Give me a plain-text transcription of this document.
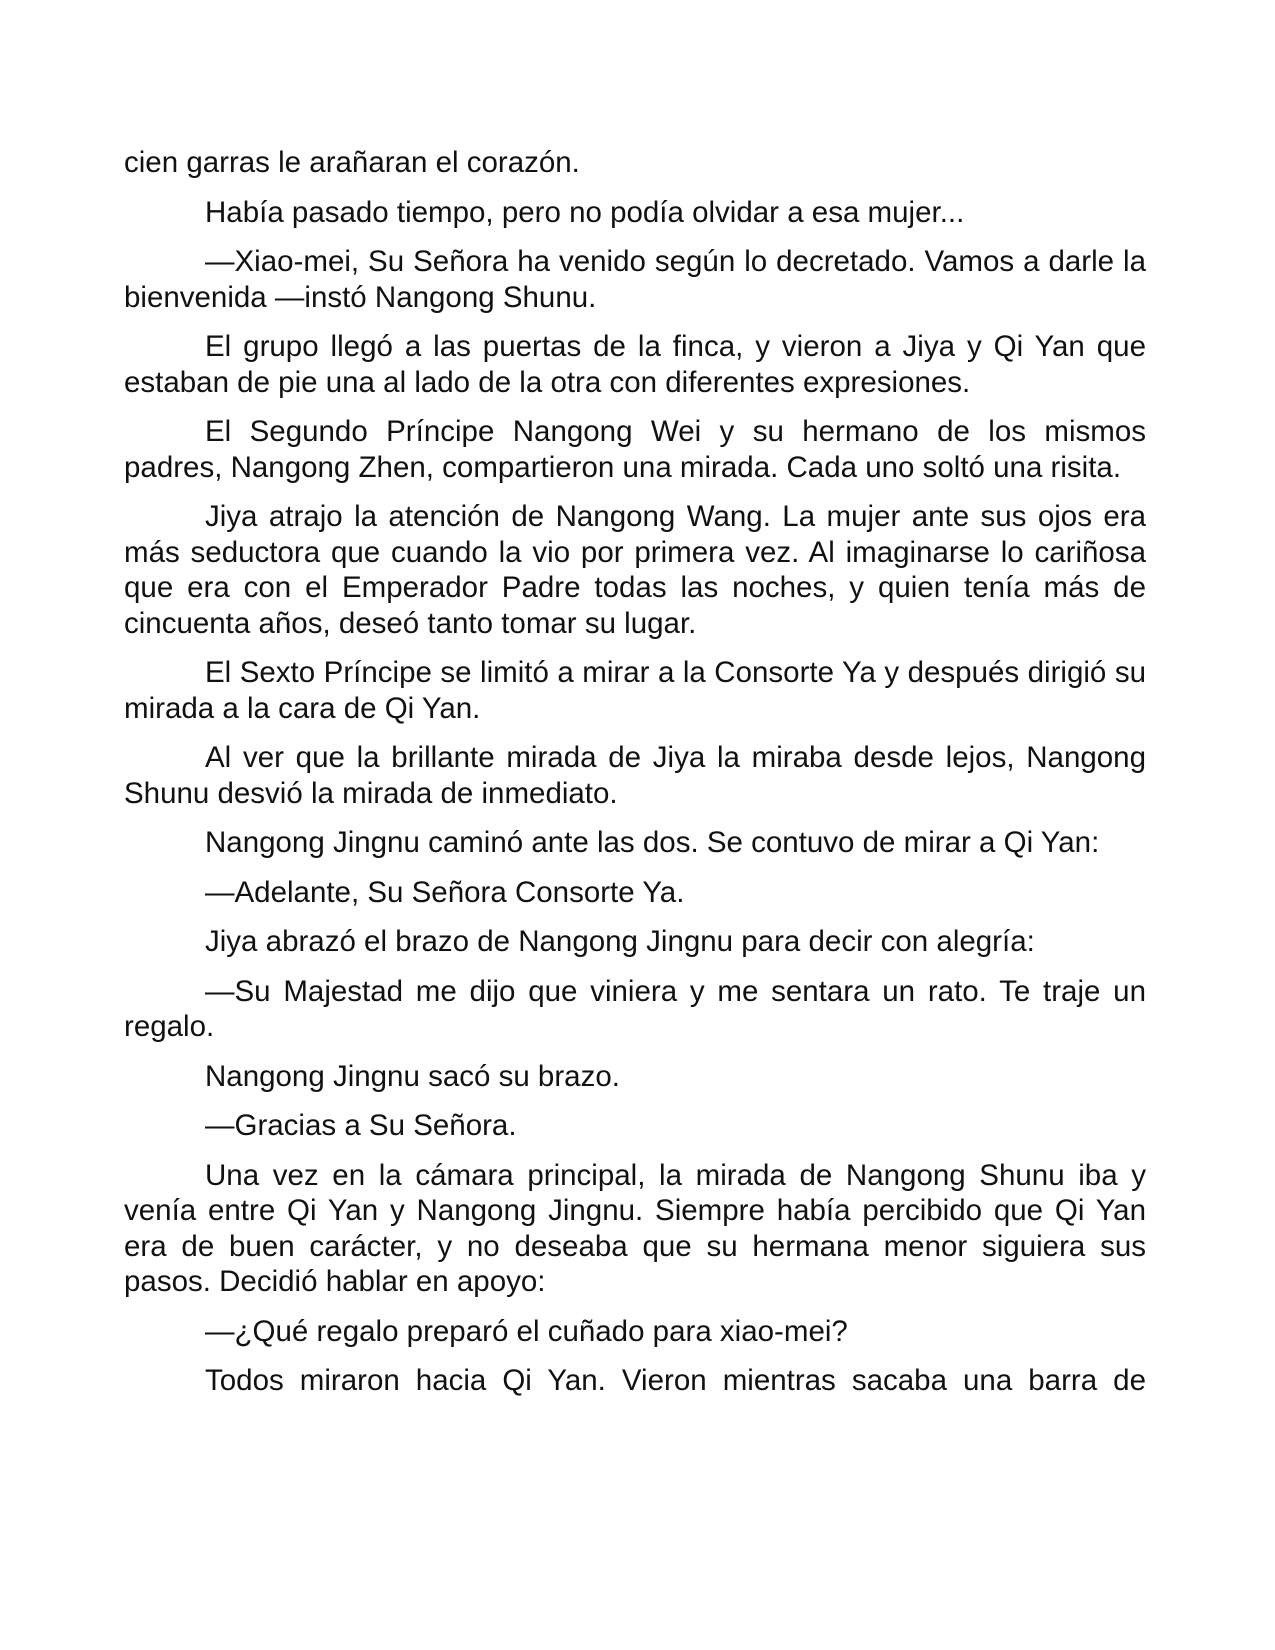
cien garras le arañaran el corazón.

Había pasado tiempo, pero no podía olvidar a esa mujer...

—Xiao-mei, Su Señora ha venido según lo decretado. Vamos a darle la bienvenida —instó Nangong Shunu.

El grupo llegó a las puertas de la finca, y vieron a Jiya y Qi Yan que estaban de pie una al lado de la otra con diferentes expresiones.

El Segundo Príncipe Nangong Wei y su hermano de los mismos padres, Nangong Zhen, compartieron una mirada. Cada uno soltó una risita.

Jiya atrajo la atención de Nangong Wang. La mujer ante sus ojos era más seductora que cuando la vio por primera vez. Al imaginarse lo cariñosa que era con el Emperador Padre todas las noches, y quien tenía más de cincuenta años, deseó tanto tomar su lugar.

El Sexto Príncipe se limitó a mirar a la Consorte Ya y después dirigió su mirada a la cara de Qi Yan.

Al ver que la brillante mirada de Jiya la miraba desde lejos, Nangong Shunu desvió la mirada de inmediato.

Nangong Jingnu caminó ante las dos. Se contuvo de mirar a Qi Yan:

—Adelante, Su Señora Consorte Ya.

Jiya abrazó el brazo de Nangong Jingnu para decir con alegría:

—Su Majestad me dijo que viniera y me sentara un rato. Te traje un regalo.

Nangong Jingnu sacó su brazo.

—Gracias a Su Señora.

Una vez en la cámara principal, la mirada de Nangong Shunu iba y venía entre Qi Yan y Nangong Jingnu. Siempre había percibido que Qi Yan era de buen carácter, y no deseaba que su hermana menor siguiera sus pasos. Decidió hablar en apoyo:

—¿Qué regalo preparó el cuñado para xiao-mei?

Todos miraron hacia Qi Yan. Vieron mientras sacaba una barra de
